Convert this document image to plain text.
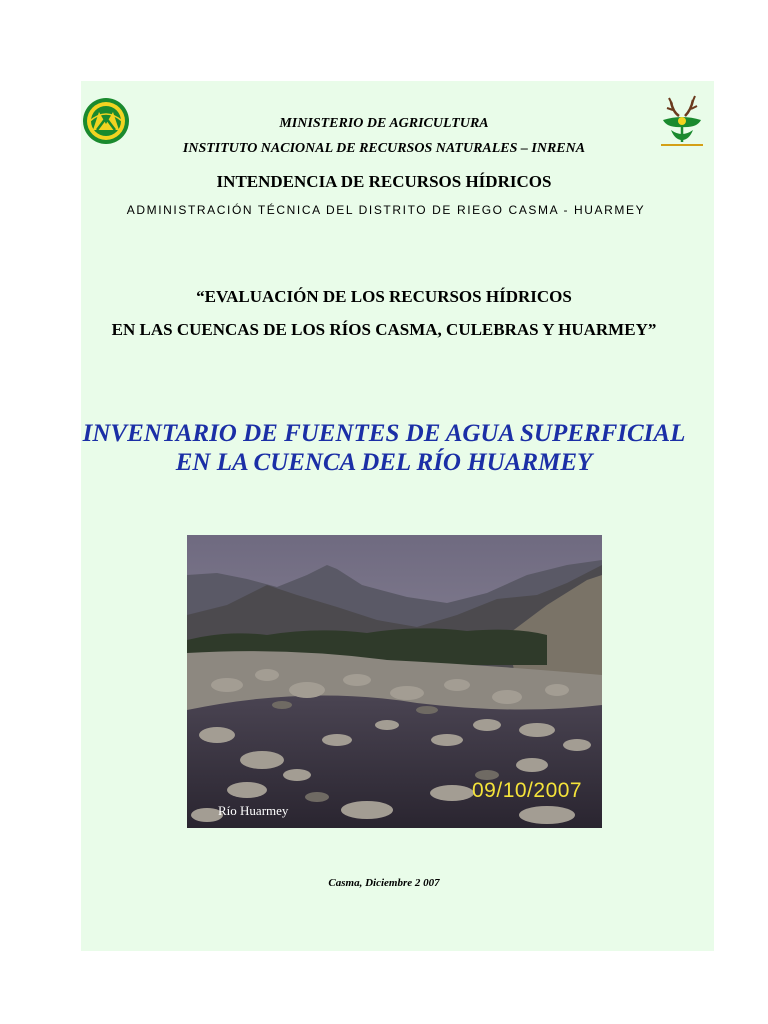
MINISTERIO DE AGRICULTURA
INSTITUTO NACIONAL DE RECURSOS NATURALES – INRENA
INTENDENCIA DE RECURSOS HÍDRICOS
ADMINISTRACIÓN TÉCNICA DEL DISTRITO DE RIEGO CASMA - HUARMEY
“EVALUACIÓN DE LOS RECURSOS HÍDRICOS
EN LAS CUENCAS DE LOS RÍOS CASMA, CULEBRAS Y HUARMEY”
INVENTARIO DE FUENTES DE AGUA SUPERFICIAL
EN LA CUENCA DEL RÍO HUARMEY
Río Huarmey
09/10/2007
Casma, Diciembre 2 007
